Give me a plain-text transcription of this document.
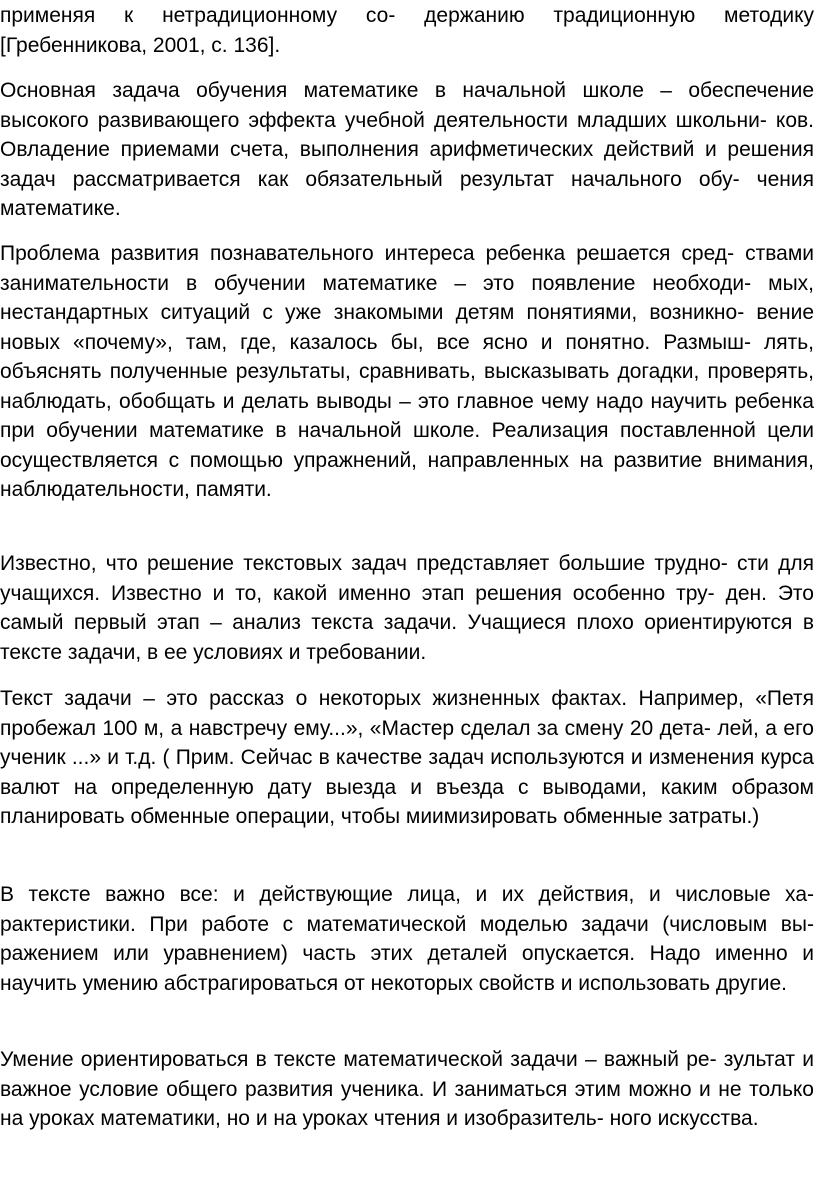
применяя к нетрадиционному со- держанию традиционную методику [Гребенникова, 2001, с. 136].

Основная задача обучения математике в начальной школе – обеспечение высокого развивающего эффекта учебной деятельности младших школьни- ков. Овладение приемами счета, выполнения арифметических действий и решения задач рассматривается как обязательный результат начального обу- чения математике.

Проблема развития познавательного интереса ребенка решается сред- ствами занимательности в обучении математике – это появление необходи- мых, нестандартных ситуаций с уже знакомыми детям понятиями, возникно- вение новых «почему», там, где, казалось бы, все ясно и понятно. Размыш- лять, объяснять полученные результаты, сравнивать, высказывать догадки, проверять, наблюдать, обобщать и делать выводы – это главное чему надо научить ребенка при обучении математике в начальной школе. Реализация поставленной цели осуществляется с помощью упражнений, направленных на развитие внимания, наблюдательности, памяти.

Известно, что решение текстовых задач представляет большие трудно- сти для учащихся. Известно и то, какой именно этап решения особенно тру- ден. Это самый первый этап – анализ текста задачи. Учащиеся плохо ориентируются в тексте задачи, в ее условиях и требовании.

Текст задачи – это рассказ о некоторых жизненных фактах. Например, «Петя пробежал 100 м, а навстречу ему...», «Мастер сделал за смену 20 дета- лей, а его ученик ...» и т.д. ( Прим. Сейчас в качестве задач используются и изменения курса валют на определенную дату выезда и въезда с выводами, каким образом планировать обменные операции, чтобы миимизировать обменные затраты.)

В тексте важно все: и действующие лица, и их действия, и числовые ха- рактеристики. При работе с математической моделью задачи (числовым вы- ражением или уравнением) часть этих деталей опускается. Надо именно и научить умению абстрагироваться от некоторых свойств и использовать другие.

Умение ориентироваться в тексте математической задачи – важный ре- зультат и важное условие общего развития ученика. И заниматься этим можно и не только на уроках математики, но и на уроках чтения и изобразитель- ного искусства.
